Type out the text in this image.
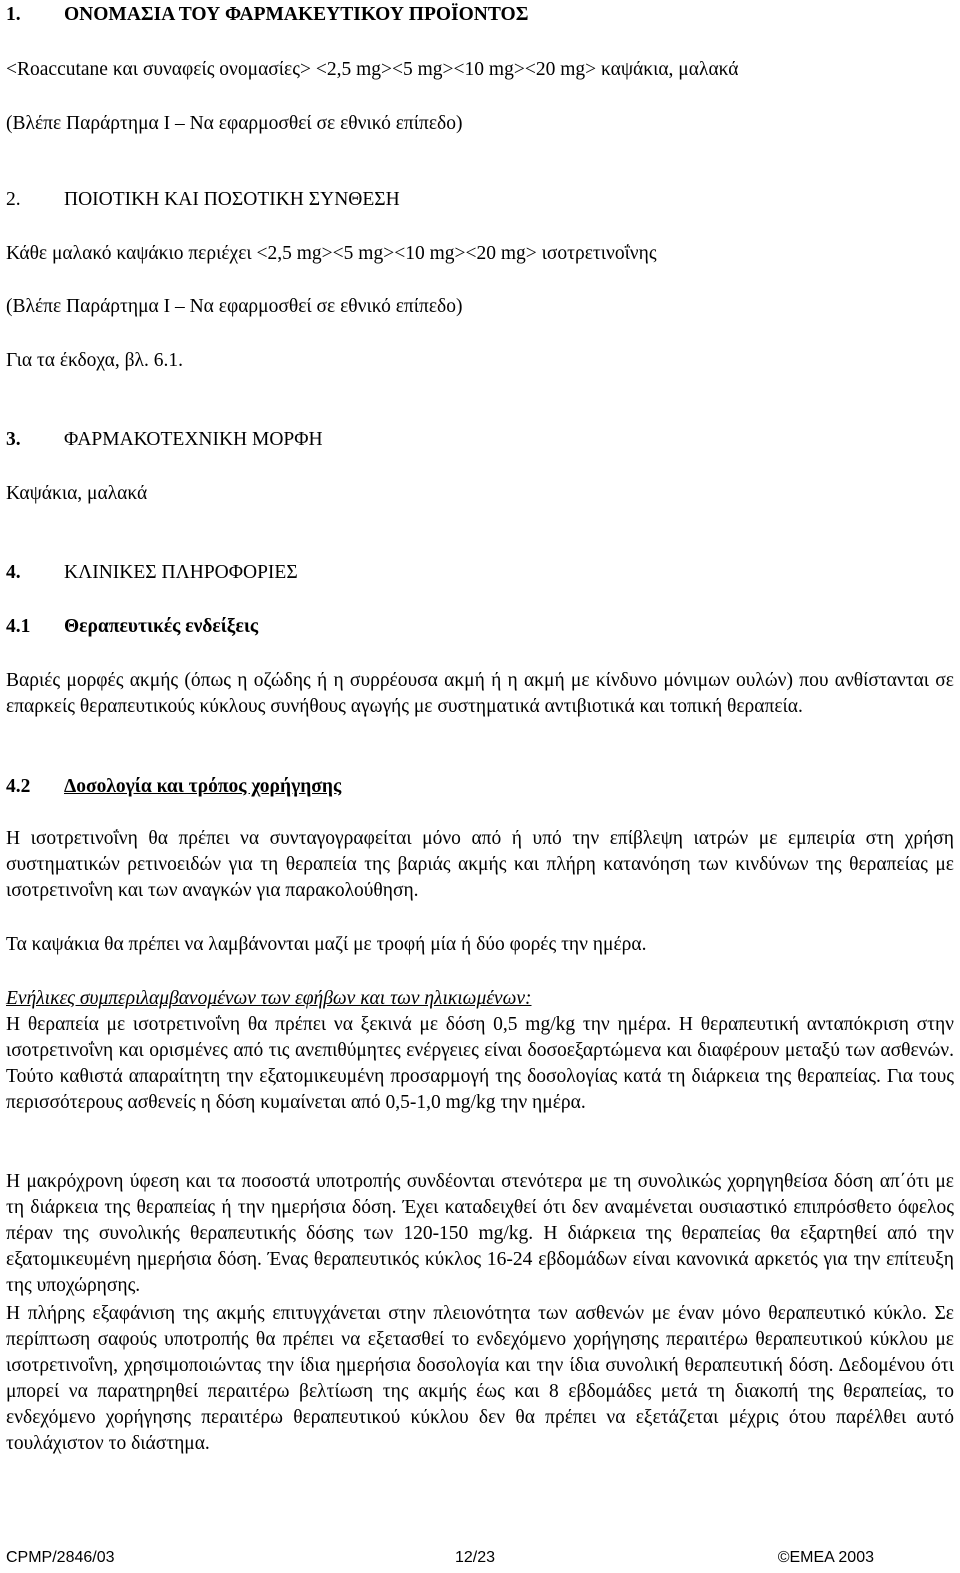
1. ΟΝΟΜΑΣΙΑ ΤΟΥ ΦΑΡΜΑΚΕΥΤΙΚΟΥ ΠΡΟΪΟΝΤΟΣ
<Roaccutane και συναφείς ονομασίες> <2,5 mg><5 mg><10 mg><20 mg> καψάκια, μαλακά
(Βλέπε Παράρτημα Ι – Να εφαρμοσθεί σε εθνικό επίπεδο)
2. ΠΟΙΟΤΙΚΗ ΚΑΙ ΠΟΣΟΤΙΚΗ ΣΥΝΘΕΣΗ
Κάθε μαλακό καψάκιο περιέχει <2,5 mg><5 mg><10 mg><20 mg> ισοτρετινοΐνης
(Βλέπε Παράρτημα Ι – Να εφαρμοσθεί σε εθνικό επίπεδο)
Για τα έκδοχα, βλ. 6.1.
3. ΦΑΡΜΑΚΟΤΕΧΝΙΚΗ ΜΟΡΦΗ
Καψάκια, μαλακά
4. ΚΛΙΝΙΚΕΣ ΠΛΗΡΟΦΟΡΙΕΣ
4.1 Θεραπευτικές ενδείξεις

Βαριές μορφές ακμής (όπως η οζώδης ή η συρρέουσα ακμή ή η ακμή με κίνδυνο μόνιμων ουλών) που ανθίστανται σε επαρκείς θεραπευτικούς κύκλους συνήθους αγωγής με συστηματικά αντιβιοτικά και τοπική θεραπεία.

4.2 Δοσολογία και τρόπος χορήγησης

Η ισοτρετινοΐνη θα πρέπει να συνταγογραφείται μόνο από ή υπό την επίβλεψη ιατρών με εμπειρία στη χρήση συστηματικών ρετινοειδών για τη θεραπεία της βαριάς ακμής και πλήρη κατανόηση των κινδύνων της θεραπείας με ισοτρετινοΐνη και των αναγκών για παρακολούθηση.

Τα καψάκια θα πρέπει να λαμβάνονται μαζί με τροφή μία ή δύο φορές την ημέρα.

Ενήλικες συμπεριλαμβανομένων των εφήβων και των ηλικιωμένων:

Η θεραπεία με ισοτρετινοΐνη θα πρέπει να ξεκινά με δόση 0,5 mg/kg την ημέρα. Η θεραπευτική ανταπόκριση στην ισοτρετινοΐνη και ορισμένες από τις ανεπιθύμητες ενέργειες είναι δοσοεξαρτώμενα και διαφέρουν μεταξύ των ασθενών. Τούτο καθιστά απαραίτητη την εξατομικευμένη προσαρμογή της δοσολογίας κατά τη διάρκεια της θεραπείας. Για τους περισσότερους ασθενείς η δόση κυμαίνεται από 0,5-1,0 mg/kg την ημέρα.

Η μακρόχρονη ύφεση και τα ποσοστά υποτροπής συνδέονται στενότερα με τη συνολικώς χορηγηθείσα δόση απ΄ότι με τη διάρκεια της θεραπείας ή την ημερήσια δόση. Έχει καταδειχθεί ότι δεν αναμένεται ουσιαστικό επιπρόσθετο όφελος πέραν της συνολικής θεραπευτικής δόσης των 120-150 mg/kg. Η διάρκεια της θεραπείας θα εξαρτηθεί από την εξατομικευμένη ημερήσια δόση. Ένας θεραπευτικός κύκλος 16-24 εβδομάδων είναι κανονικά αρκετός για την επίτευξη της υποχώρησης.

Η πλήρης εξαφάνιση της ακμής επιτυγχάνεται στην πλειονότητα των ασθενών με έναν μόνο θεραπευτικό κύκλο. Σε περίπτωση σαφούς υποτροπής θα πρέπει να εξετασθεί το ενδεχόμενο χορήγησης περαιτέρω θεραπευτικού κύκλου με ισοτρετινοΐνη, χρησιμοποιώντας την ίδια ημερήσια δοσολογία και την ίδια συνολική θεραπευτική δόση. Δεδομένου ότι μπορεί να παρατηρηθεί περαιτέρω βελτίωση της ακμής έως και 8 εβδομάδες μετά τη διακοπή της θεραπείας, το ενδεχόμενο χορήγησης περαιτέρω θεραπευτικού κύκλου δεν θα πρέπει να εξετάζεται μέχρις ότου παρέλθει αυτό τουλάχιστον το διάστημα.

CPMP/2846/03	12/23	©EMEA 2003
